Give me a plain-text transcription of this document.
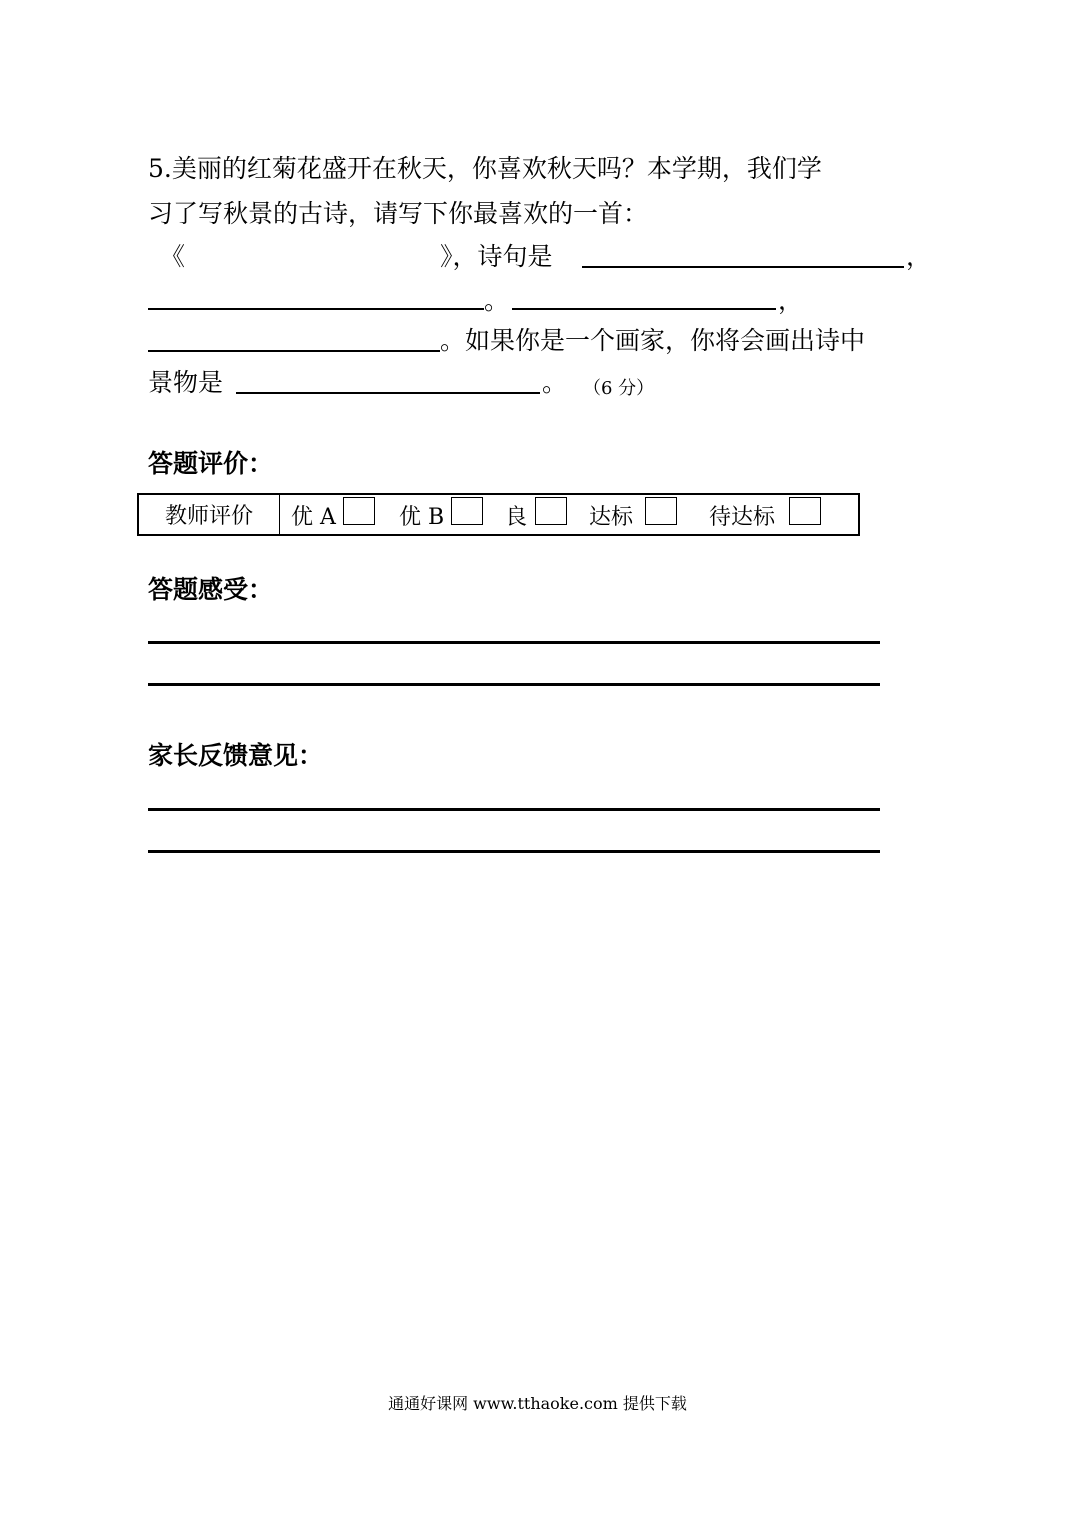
5.美丽的红菊花盛开在秋天，你喜欢秋天吗？本学期，我们学
习了写秋景的古诗，请写下你最喜欢的一首：
《	》，诗句是	，
。	，
。如果你是一个画家，你将会画出诗中
景物是	。 （6 分）
答题评价：
教师评价	优 A	优 B	良	达标	待达标
答题感受：
家长反馈意见：
通通好课网 www.tthaoke.com 提供下载
